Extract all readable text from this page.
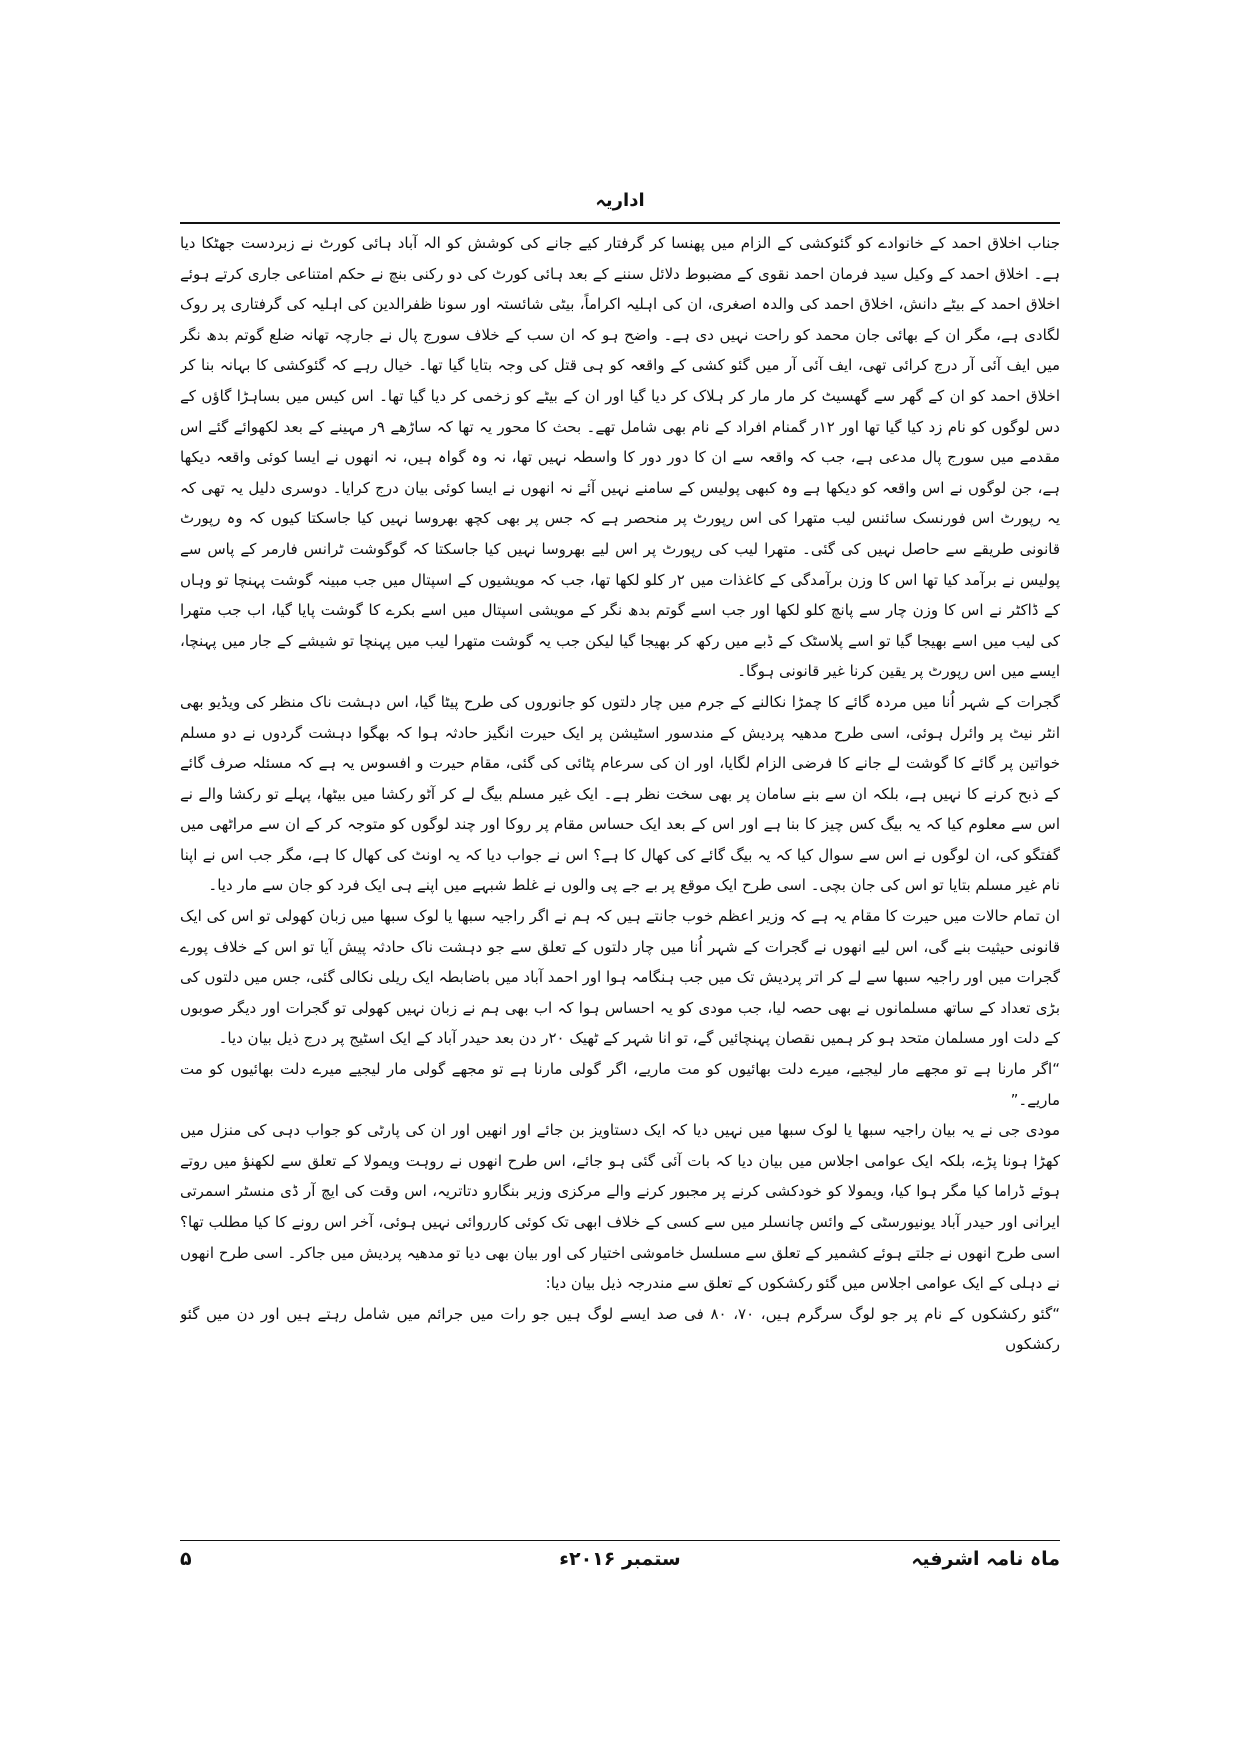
اداریہ

جناب اخلاق احمد کے خانوادے کو گئوکشی کے الزام میں پھنسا کر گرفتار کیے جانے کی کوشش کو الہ آباد ہائی کورٹ نے زبردست جھٹکا دیا ہے۔ اخلاق احمد کے وکیل سید فرمان احمد نقوی کے مضبوط دلائل سننے کے بعد ہائی کورٹ کی دو رکنی بنچ نے حکم امتناعی جاری کرتے ہوئے اخلاق احمد کے بیٹے دانش، اخلاق احمد کی والدہ اصغری، ان کی اہلیہ اکراماً، بیٹی شائستہ اور سونا ظفرالدین کی اہلیہ کی گرفتاری پر روک لگادی ہے، مگر ان کے بھائی جان محمد کو راحت نہیں دی ہے۔ واضح ہو کہ ان سب کے خلاف سورج پال نے جارچہ تھانہ ضلع گوتم بدھ نگر میں ایف آئی آر درج کرائی تھی، ایف آئی آر میں گئو کشی کے واقعہ کو ہی قتل کی وجہ بتایا گیا تھا۔ خیال رہے کہ گئوکشی کا بہانہ بنا کر اخلاق احمد کو ان کے گھر سے گھسیٹ کر مار مار کر ہلاک کر دیا گیا اور ان کے بیٹے کو زخمی کر دیا گیا تھا۔ اس کیس میں بساہڑا گاؤں کے دس لوگوں کو نام زد کیا گیا تھا اور ۱۲ر گمنام افراد کے نام بھی شامل تھے۔ بحث کا محور یہ تھا کہ ساڑھے ۹ر مہینے کے بعد لکھوائے گئے اس مقدمے میں سورج پال مدعی ہے، جب کہ واقعہ سے ان کا دور دور کا واسطہ نہیں تھا، نہ وہ گواہ ہیں، نہ انھوں نے ایسا کوئی واقعہ دیکھا ہے، جن لوگوں نے اس واقعہ کو دیکھا ہے وہ کبھی پولیس کے سامنے نہیں آئے نہ انھوں نے ایسا کوئی بیان درج کرایا۔ دوسری دلیل یہ تھی کہ یہ رپورٹ اس فورنسک سائنس لیب متھرا کی اس رپورٹ پر منحصر ہے کہ جس پر بھی کچھ بھروسا نہیں کیا جاسکتا کیوں کہ وہ رپورٹ قانونی طریقے سے حاصل نہیں کی گئی۔ متھرا لیب کی رپورٹ پر اس لیے بھروسا نہیں کیا جاسکتا کہ گوگوشت ٹرانس فارمر کے پاس سے پولیس نے برآمد کیا تھا اس کا وزن برآمدگی کے کاغذات میں ۲ر کلو لکھا تھا، جب کہ مویشیوں کے اسپتال میں جب مبینہ گوشت پہنچا تو وہاں کے ڈاکٹر نے اس کا وزن چار سے پانچ کلو لکھا اور جب اسے گوتم بدھ نگر کے مویشی اسپتال میں اسے بکرے کا گوشت پایا گیا، اب جب متھرا کی لیب میں اسے بھیجا گیا تو اسے پلاسٹک کے ڈبے میں رکھ کر بھیجا گیا لیکن جب یہ گوشت متھرا لیب میں پہنچا تو شیشے کے جار میں پہنچا، ایسے میں اس رپورٹ پر یقین کرنا غیر قانونی ہوگا۔

گجرات کے شہر اُنا میں مردہ گائے کا چمڑا نکالنے کے جرم میں چار دلتوں کو جانوروں کی طرح پیٹا گیا، اس دہشت ناک منظر کی ویڈیو بھی انٹر نیٹ پر وائرل ہوئی، اسی طرح مدھیہ پردیش کے مندسور اسٹیشن پر ایک حیرت انگیز حادثہ ہوا کہ بھگوا دہشت گردوں نے دو مسلم خواتین پر گائے کا گوشت لے جانے کا فرضی الزام لگایا، اور ان کی سرعام پٹائی کی گئی، مقام حیرت و افسوس یہ ہے کہ مسئلہ صرف گائے کے ذبح کرنے کا نہیں ہے، بلکہ ان سے بنے سامان پر بھی سخت نظر ہے۔ ایک غیر مسلم بیگ لے کر آٹو رکشا میں بیٹھا، پہلے تو رکشا والے نے اس سے معلوم کیا کہ یہ بیگ کس چیز کا بنا ہے اور اس کے بعد ایک حساس مقام پر روکا اور چند لوگوں کو متوجہ کر کے ان سے مراٹھی میں گفتگو کی، ان لوگوں نے اس سے سوال کیا کہ یہ بیگ گائے کی کھال کا ہے؟ اس نے جواب دیا کہ یہ اونٹ کی کھال کا ہے، مگر جب اس نے اپنا نام غیر مسلم بتایا تو اس کی جان بچی۔ اسی طرح ایک موقع پر بے جے پی والوں نے غلط شبہے میں اپنے ہی ایک فرد کو جان سے مار دیا۔

ان تمام حالات میں حیرت کا مقام یہ ہے کہ وزیر اعظم خوب جانتے ہیں کہ ہم نے اگر راجیہ سبھا یا لوک سبھا میں زبان کھولی تو اس کی ایک قانونی حیثیت بنے گی، اس لیے انھوں نے گجرات کے شہر اُنا میں چار دلتوں کے تعلق سے جو دہشت ناک حادثہ پیش آیا تو اس کے خلاف پورے گجرات میں اور راجیہ سبھا سے لے کر اتر پردیش تک میں جب ہنگامہ ہوا اور احمد آباد میں باضابطہ ایک ریلی نکالی گئی، جس میں دلتوں کی بڑی تعداد کے ساتھ مسلمانوں نے بھی حصہ لیا، جب مودی کو یہ احساس ہوا کہ اب بھی ہم نے زبان نہیں کھولی تو گجرات اور دیگر صوبوں کے دلت اور مسلمان متحد ہو کر ہمیں نقصان پہنچائیں گے، تو انا شہر کے ٹھیک ۲۰ر دن بعد حیدر آباد کے ایک اسٹیج پر درج ذیل بیان دیا۔

“اگر مارنا ہے تو مجھے مار لیجیے، میرے دلت بھائیوں کو مت ماریے، اگر گولی مارنا ہے تو مجھے گولی مار لیجیے میرے دلت بھائیوں کو مت ماریے۔”

مودی جی نے یہ بیان راجیہ سبھا یا لوک سبھا میں نہیں دیا کہ ایک دستاویز بن جائے اور انھیں اور ان کی پارٹی کو جواب دہی کی منزل میں کھڑا ہونا پڑے، بلکہ ایک عوامی اجلاس میں بیان دیا کہ بات آئی گئی ہو جائے، اس طرح انھوں نے روہت ویمولا کے تعلق سے لکھنؤ میں روتے ہوئے ڈراما کیا مگر ہوا کیا، ویمولا کو خودکشی کرنے پر مجبور کرنے والے مرکزی وزیر بنگارو دتاتریہ، اس وقت کی ایچ آر ڈی منسٹر اسمرتی ایرانی اور حیدر آباد یونیورسٹی کے وائس چانسلر میں سے کسی کے خلاف ابھی تک کوئی کارروائی نہیں ہوئی، آخر اس رونے کا کیا مطلب تھا؟ اسی طرح انھوں نے جلتے ہوئے کشمیر کے تعلق سے مسلسل خاموشی اختیار کی اور بیان بھی دیا تو مدھیہ پردیش میں جاکر۔ اسی طرح انھوں نے دہلی کے ایک عوامی اجلاس میں گئو رکشکوں کے تعلق سے مندرجہ ذیل بیان دیا:

“گئو رکشکوں کے نام پر جو لوگ سرگرم ہیں، ۷۰، ۸۰ فی صد ایسے لوگ ہیں جو رات میں جرائم میں شامل رہتے ہیں اور دن میں گئو رکشکوں

ماہ نامہ اشرفیہ
ستمبر ۲۰۱۶ء
۵
